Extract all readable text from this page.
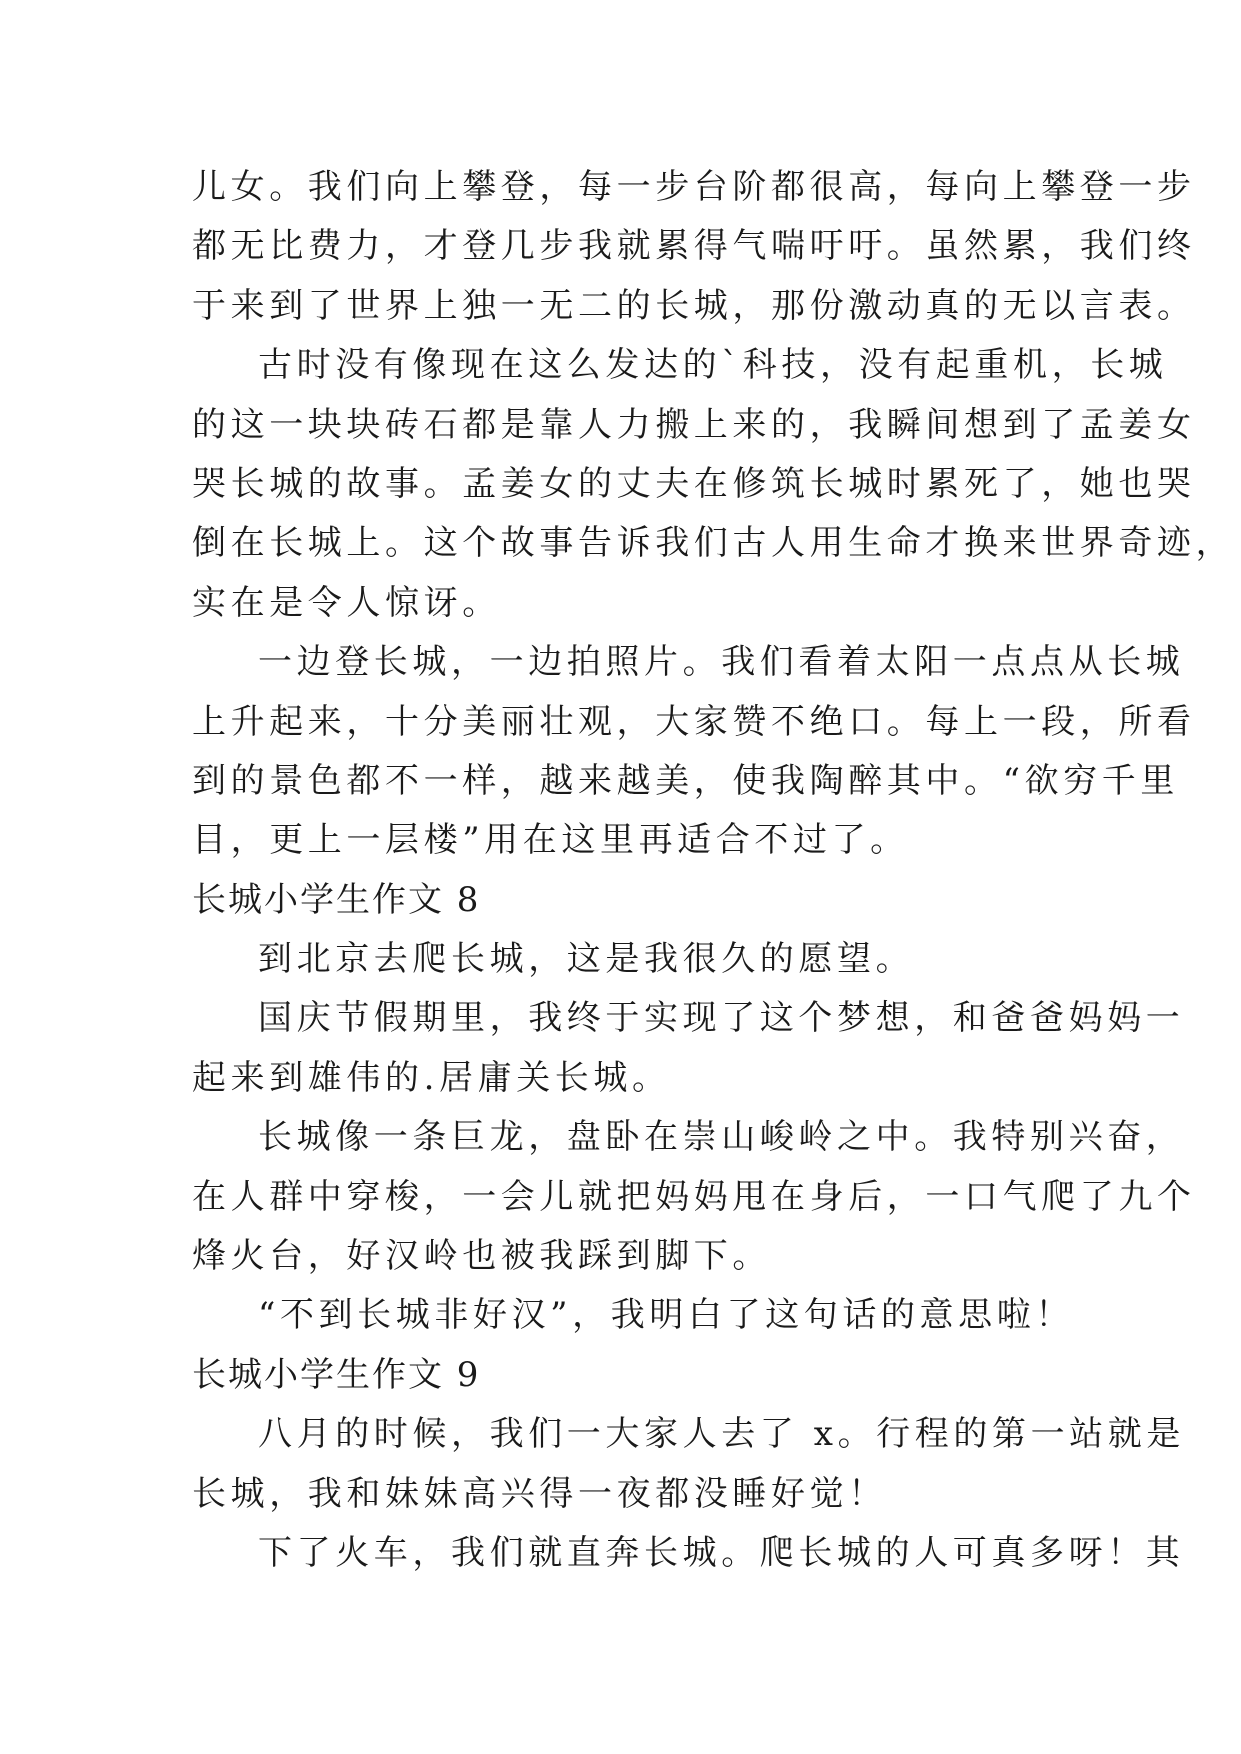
儿女。我们向上攀登，每一步台阶都很高，每向上攀登一步
都无比费力，才登几步我就累得气喘吁吁。虽然累，我们终
于来到了世界上独一无二的长城，那份激动真的无以言表。
古时没有像现在这么发达的`科技，没有起重机，长城
的这一块块砖石都是靠人力搬上来的，我瞬间想到了孟姜女
哭长城的故事。孟姜女的丈夫在修筑长城时累死了，她也哭
倒在长城上。这个故事告诉我们古人用生命才换来世界奇迹，
实在是令人惊讶。
一边登长城，一边拍照片。我们看着太阳一点点从长城
上升起来，十分美丽壮观，大家赞不绝口。每上一段，所看
到的景色都不一样，越来越美，使我陶醉其中。“欲穷千里
目，更上一层楼”用在这里再适合不过了。
长城小学生作文 8
到北京去爬长城，这是我很久的愿望。
国庆节假期里，我终于实现了这个梦想，和爸爸妈妈一
起来到雄伟的.居庸关长城。
长城像一条巨龙，盘卧在崇山峻岭之中。我特别兴奋，
在人群中穿梭，一会儿就把妈妈甩在身后，一口气爬了九个
烽火台，好汉岭也被我踩到脚下。
“不到长城非好汉”，我明白了这句话的意思啦！
长城小学生作文 9
八月的时候，我们一大家人去了 x。行程的第一站就是
长城，我和妹妹高兴得一夜都没睡好觉！
下了火车，我们就直奔长城。爬长城的人可真多呀！其
